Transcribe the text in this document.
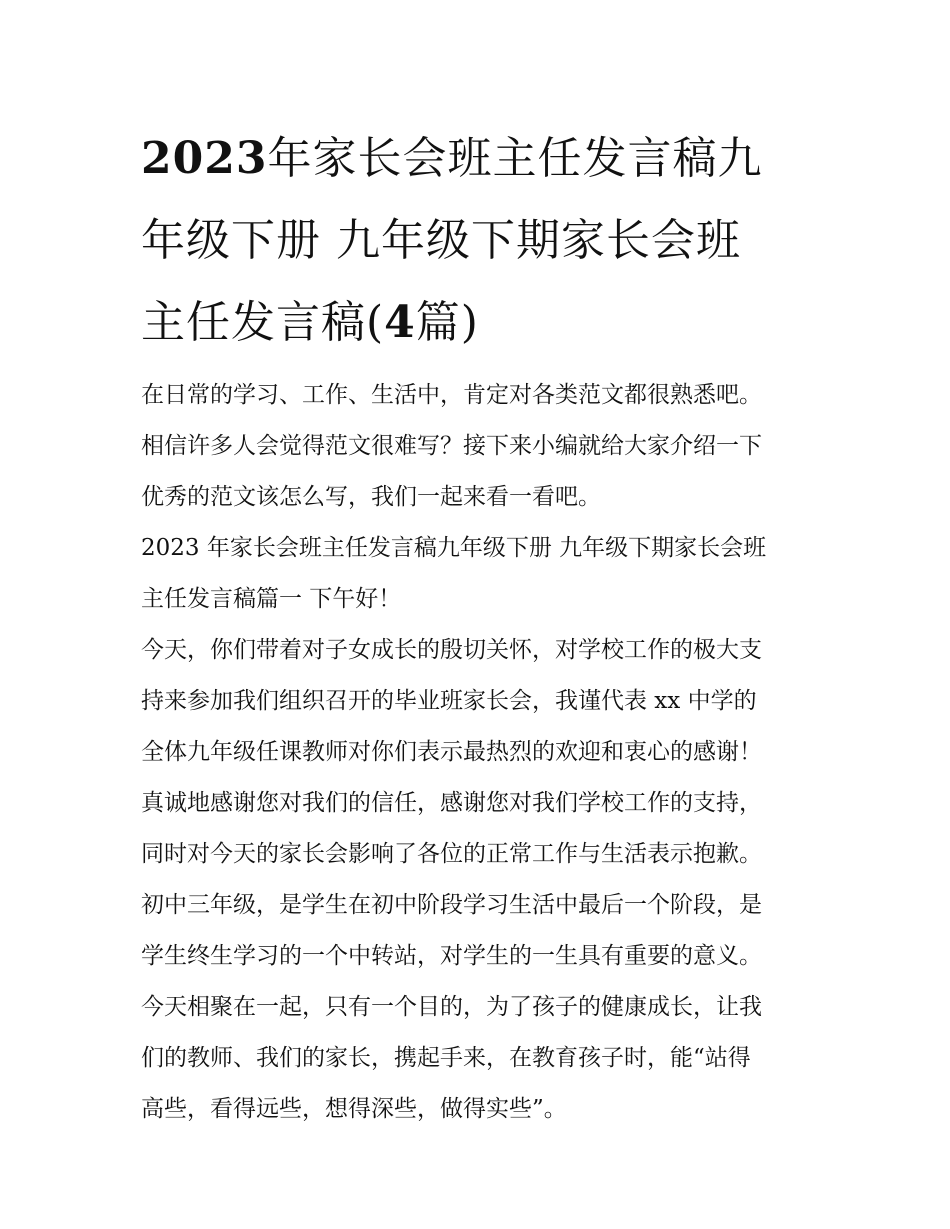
2023年家长会班主任发言稿九
年级下册 九年级下期家长会班
主任发言稿(4篇)

在日常的学习、工作、生活中，肯定对各类范文都很熟悉吧。
相信许多人会觉得范文很难写？接下来小编就给大家介绍一下
优秀的范文该怎么写，我们一起来看一看吧。

2023 年家长会班主任发言稿九年级下册 九年级下期家长会班
主任发言稿篇一 下午好！

今天，你们带着对子女成长的殷切关怀，对学校工作的极大支
持来参加我们组织召开的毕业班家长会，我谨代表 xx 中学的
全体九年级任课教师对你们表示最热烈的欢迎和衷心的感谢！
真诚地感谢您对我们的信任，感谢您对我们学校工作的支持，
同时对今天的家长会影响了各位的正常工作与生活表示抱歉。
初中三年级，是学生在初中阶段学习生活中最后一个阶段，是
学生终生学习的一个中转站，对学生的一生具有重要的意义。
今天相聚在一起，只有一个目的，为了孩子的健康成长，让我
们的教师、我们的家长，携起手来，在教育孩子时，能“站得
高些，看得远些，想得深些，做得实些”。
